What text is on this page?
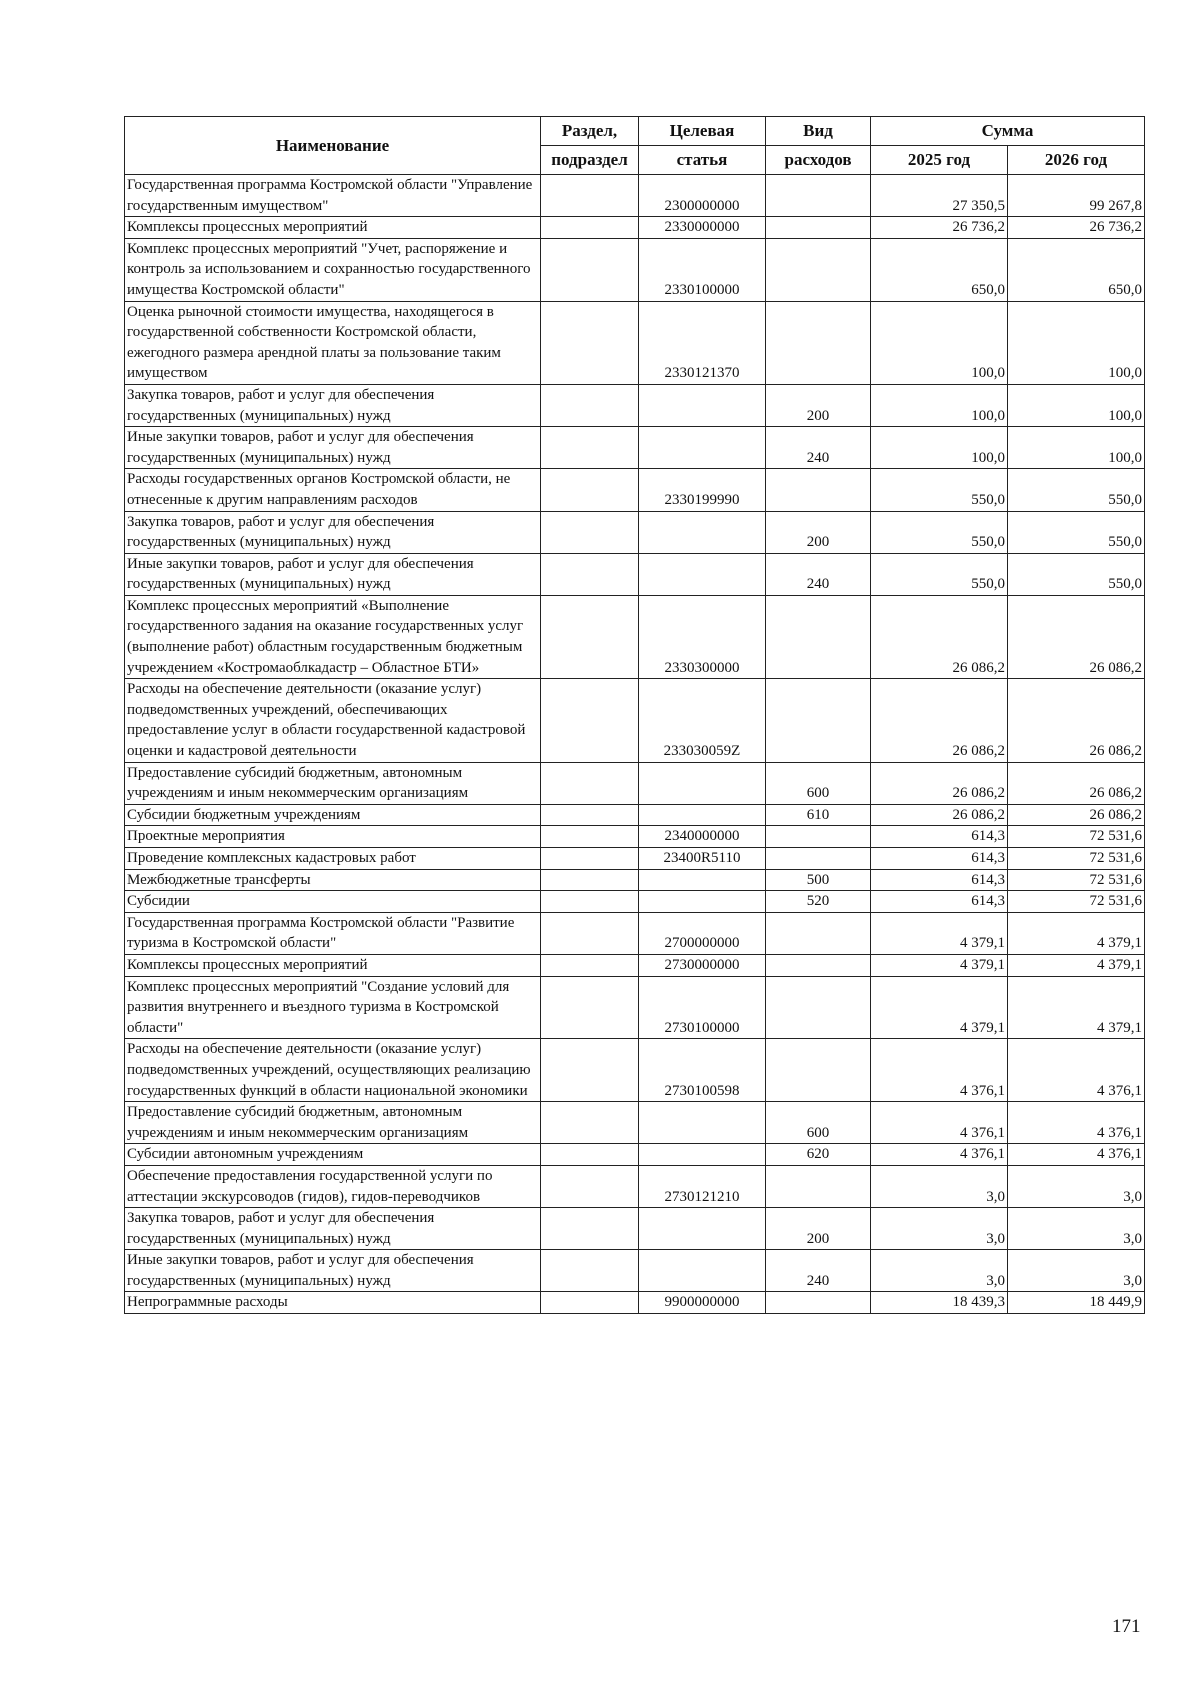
Наименование	Раздел,	Целевая	Вид	Сумма	
	подраздел	статья	расходов	2025 год	2026 год
Государственная программа Костромской области "Управление государственным имуществом"		2300000000		27 350,5	99 267,8
Комплексы процессных мероприятий		2330000000		26 736,2	26 736,2
Комплекс процессных мероприятий "Учет, распоряжение и контроль за использованием и сохранностью государственного имущества Костромской области"		2330100000		650,0	650,0
Оценка рыночной стоимости имущества, находящегося в государственной собственности Костромской области, ежегодного размера арендной платы за пользование таким имуществом		2330121370		100,0	100,0
Закупка товаров, работ и услуг для обеспечения государственных (муниципальных) нужд			200	100,0	100,0
Иные закупки товаров, работ и услуг для обеспечения государственных (муниципальных) нужд			240	100,0	100,0
Расходы государственных органов Костромской области, не отнесенные к другим направлениям расходов		2330199990		550,0	550,0
Закупка товаров, работ и услуг для обеспечения государственных (муниципальных) нужд			200	550,0	550,0
Иные закупки товаров, работ и услуг для обеспечения государственных (муниципальных) нужд			240	550,0	550,0
Комплекс процессных мероприятий «Выполнение государственного задания на оказание государственных услуг (выполнение работ) областным государственным бюджетным учреждением «Костромаоблкадастр – Областное БТИ»		2330300000		26 086,2	26 086,2
Расходы на обеспечение деятельности (оказание услуг) подведомственных учреждений, обеспечивающих предоставление услуг в области государственной кадастровой оценки и кадастровой деятельности		233030059Z		26 086,2	26 086,2
Предоставление субсидий бюджетным, автономным учреждениям и иным некоммерческим организациям			600	26 086,2	26 086,2
Субсидии бюджетным учреждениям			610	26 086,2	26 086,2
Проектные мероприятия		2340000000		614,3	72 531,6
Проведение комплексных кадастровых работ		23400R5110		614,3	72 531,6
Межбюджетные трансферты			500	614,3	72 531,6
Субсидии			520	614,3	72 531,6
Государственная программа Костромской области "Развитие туризма в Костромской области"		2700000000		4 379,1	4 379,1
Комплексы процессных мероприятий		2730000000		4 379,1	4 379,1
Комплекс процессных мероприятий "Создание условий для развития внутреннего и въездного туризма в Костромской области"		2730100000		4 379,1	4 379,1
Расходы на обеспечение деятельности (оказание услуг) подведомственных учреждений, осуществляющих реализацию государственных функций в области национальной экономики		2730100598		4 376,1	4 376,1
Предоставление субсидий бюджетным, автономным учреждениям и иным некоммерческим организациям			600	4 376,1	4 376,1
Субсидии автономным учреждениям			620	4 376,1	4 376,1
Обеспечение предоставления государственной услуги по аттестации экскурсоводов (гидов), гидов-переводчиков		2730121210		3,0	3,0
Закупка товаров, работ и услуг для обеспечения государственных (муниципальных) нужд			200	3,0	3,0
Иные закупки товаров, работ и услуг для обеспечения государственных (муниципальных) нужд			240	3,0	3,0
Непрограммные расходы		9900000000		18 439,3	18 449,9
171
